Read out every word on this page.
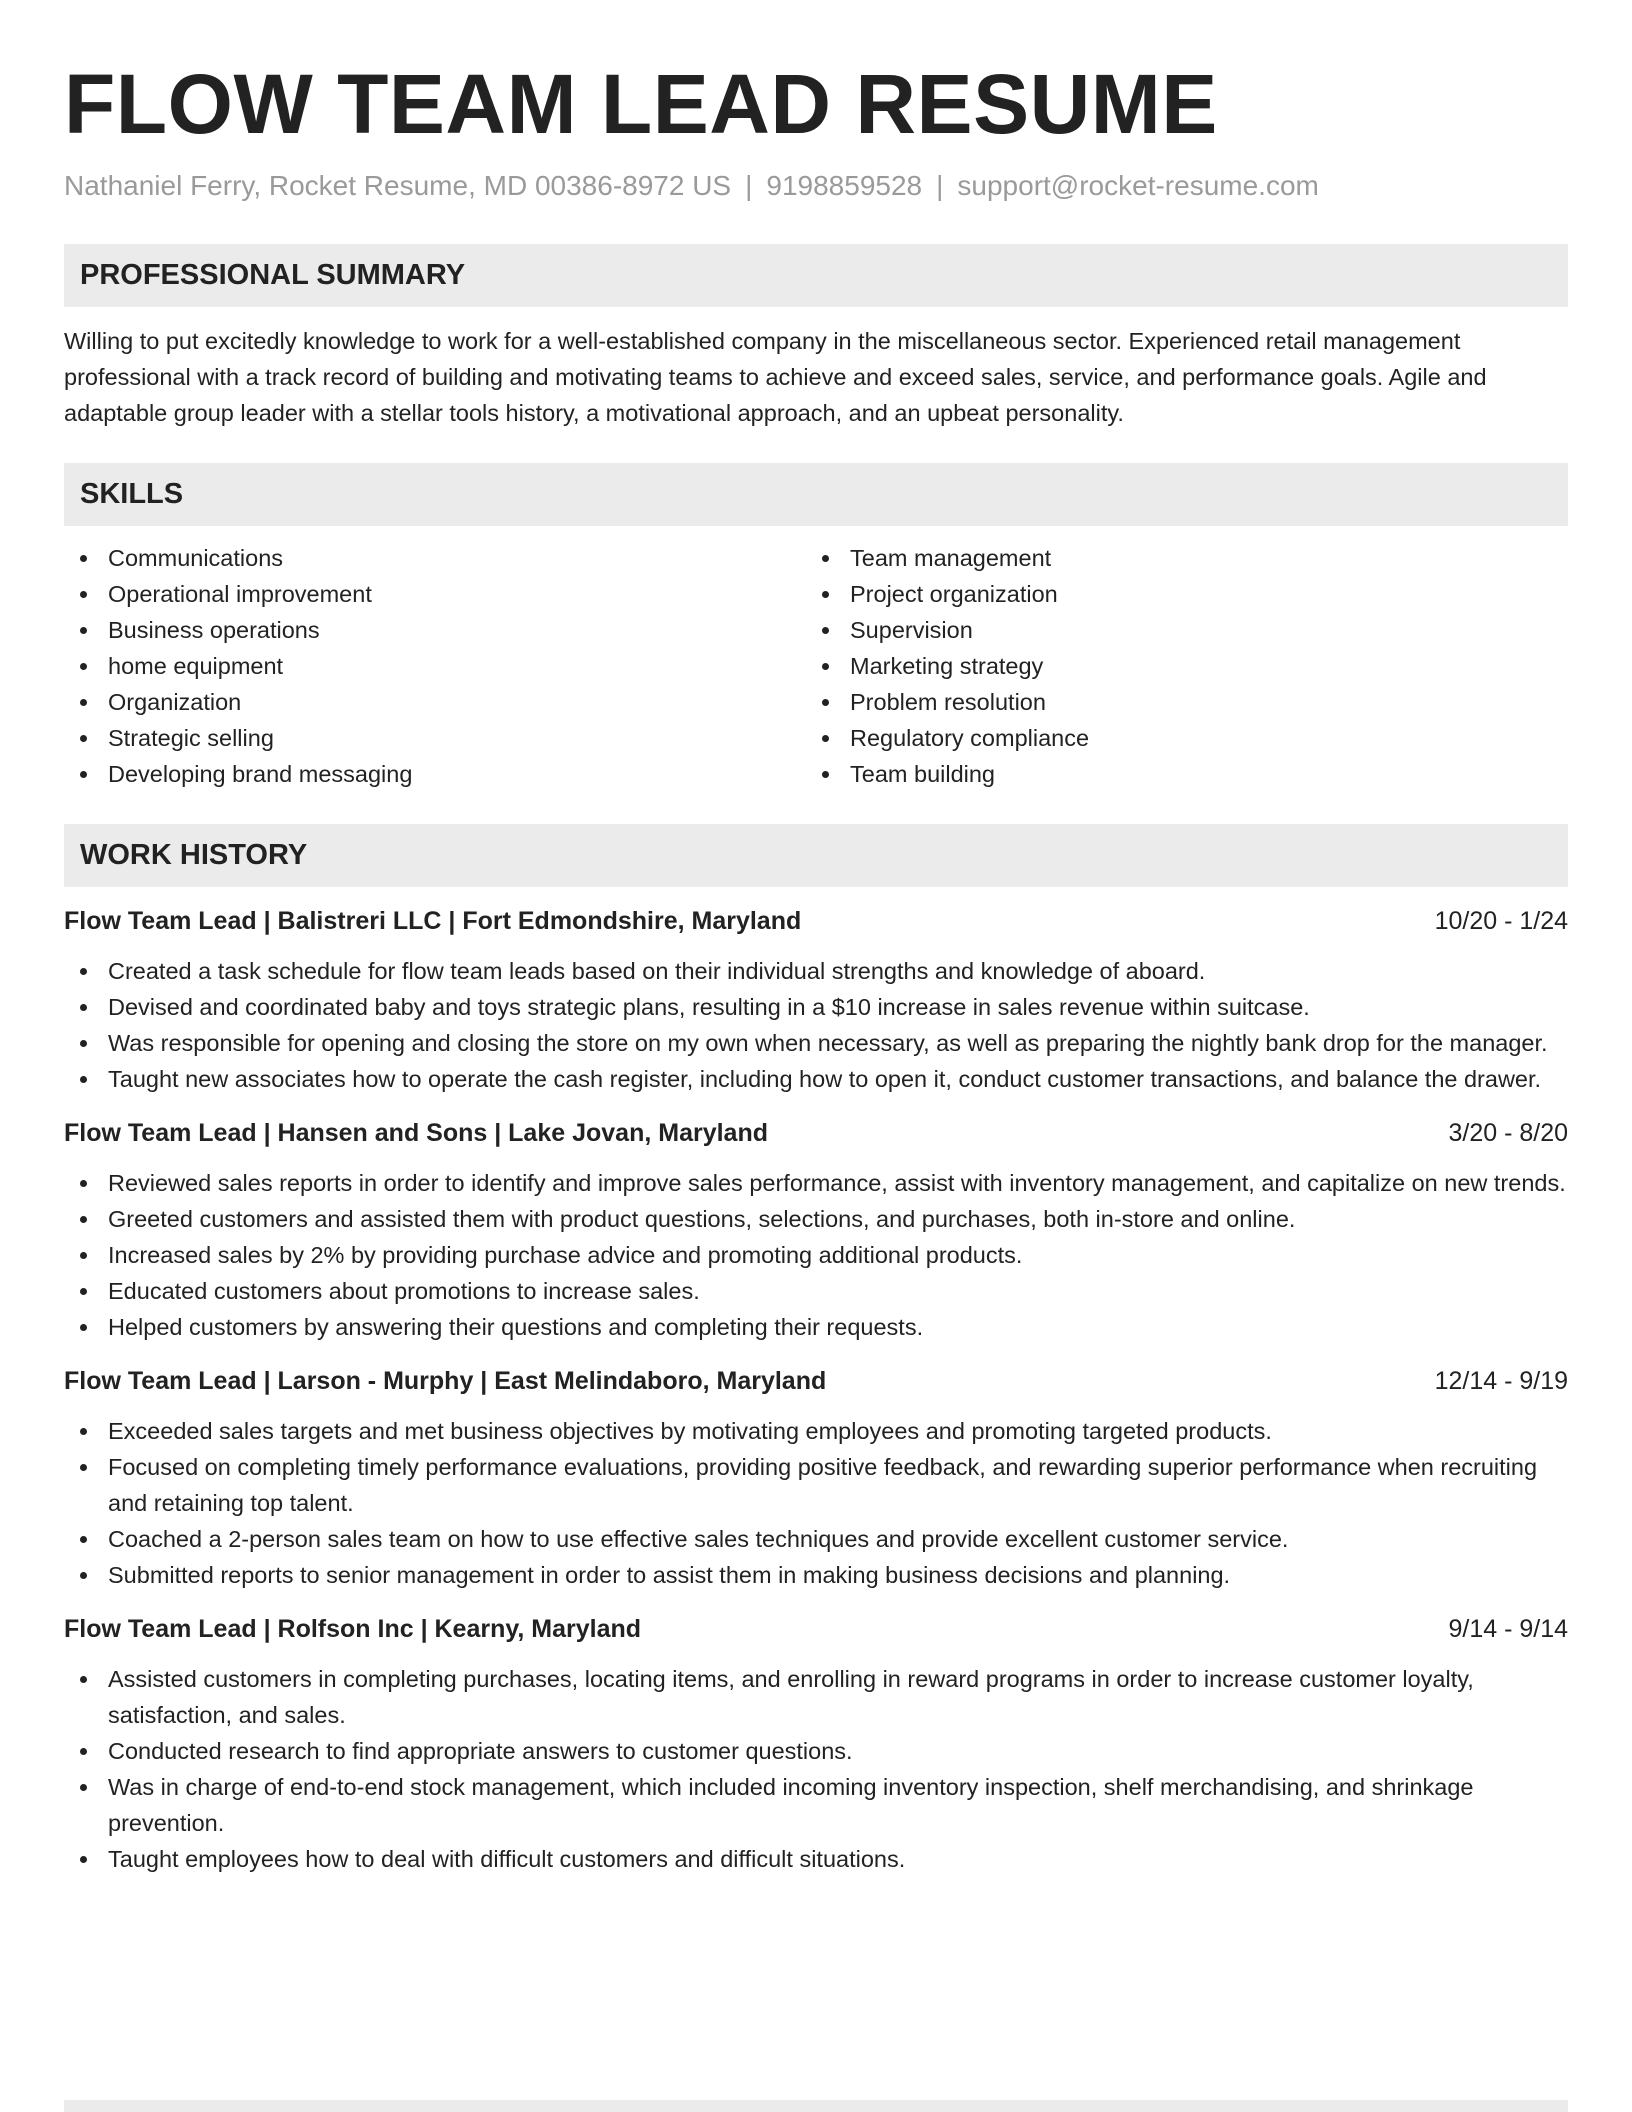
FLOW TEAM LEAD RESUME
Nathaniel Ferry, Rocket Resume, MD 00386-8972 US | 9198859528 | support@rocket-resume.com
PROFESSIONAL SUMMARY
Willing to put excitedly knowledge to work for a well-established company in the miscellaneous sector. Experienced retail management professional with a track record of building and motivating teams to achieve and exceed sales, service, and performance goals. Agile and adaptable group leader with a stellar tools history, a motivational approach, and an upbeat personality.
SKILLS
Communications
Operational improvement
Business operations
home equipment
Organization
Strategic selling
Developing brand messaging
Team management
Project organization
Supervision
Marketing strategy
Problem resolution
Regulatory compliance
Team building
WORK HISTORY
Flow Team Lead | Balistreri LLC | Fort Edmondshire, Maryland	10/20 - 1/24
Created a task schedule for flow team leads based on their individual strengths and knowledge of aboard.
Devised and coordinated baby and toys strategic plans, resulting in a $10 increase in sales revenue within suitcase.
Was responsible for opening and closing the store on my own when necessary, as well as preparing the nightly bank drop for the manager.
Taught new associates how to operate the cash register, including how to open it, conduct customer transactions, and balance the drawer.
Flow Team Lead | Hansen and Sons | Lake Jovan, Maryland	3/20 - 8/20
Reviewed sales reports in order to identify and improve sales performance, assist with inventory management, and capitalize on new trends.
Greeted customers and assisted them with product questions, selections, and purchases, both in-store and online.
Increased sales by 2% by providing purchase advice and promoting additional products.
Educated customers about promotions to increase sales.
Helped customers by answering their questions and completing their requests.
Flow Team Lead | Larson - Murphy | East Melindaboro, Maryland	12/14 - 9/19
Exceeded sales targets and met business objectives by motivating employees and promoting targeted products.
Focused on completing timely performance evaluations, providing positive feedback, and rewarding superior performance when recruiting and retaining top talent.
Coached a 2-person sales team on how to use effective sales techniques and provide excellent customer service.
Submitted reports to senior management in order to assist them in making business decisions and planning.
Flow Team Lead | Rolfson Inc | Kearny, Maryland	9/14 - 9/14
Assisted customers in completing purchases, locating items, and enrolling in reward programs in order to increase customer loyalty, satisfaction, and sales.
Conducted research to find appropriate answers to customer questions.
Was in charge of end-to-end stock management, which included incoming inventory inspection, shelf merchandising, and shrinkage prevention.
Taught employees how to deal with difficult customers and difficult situations.
